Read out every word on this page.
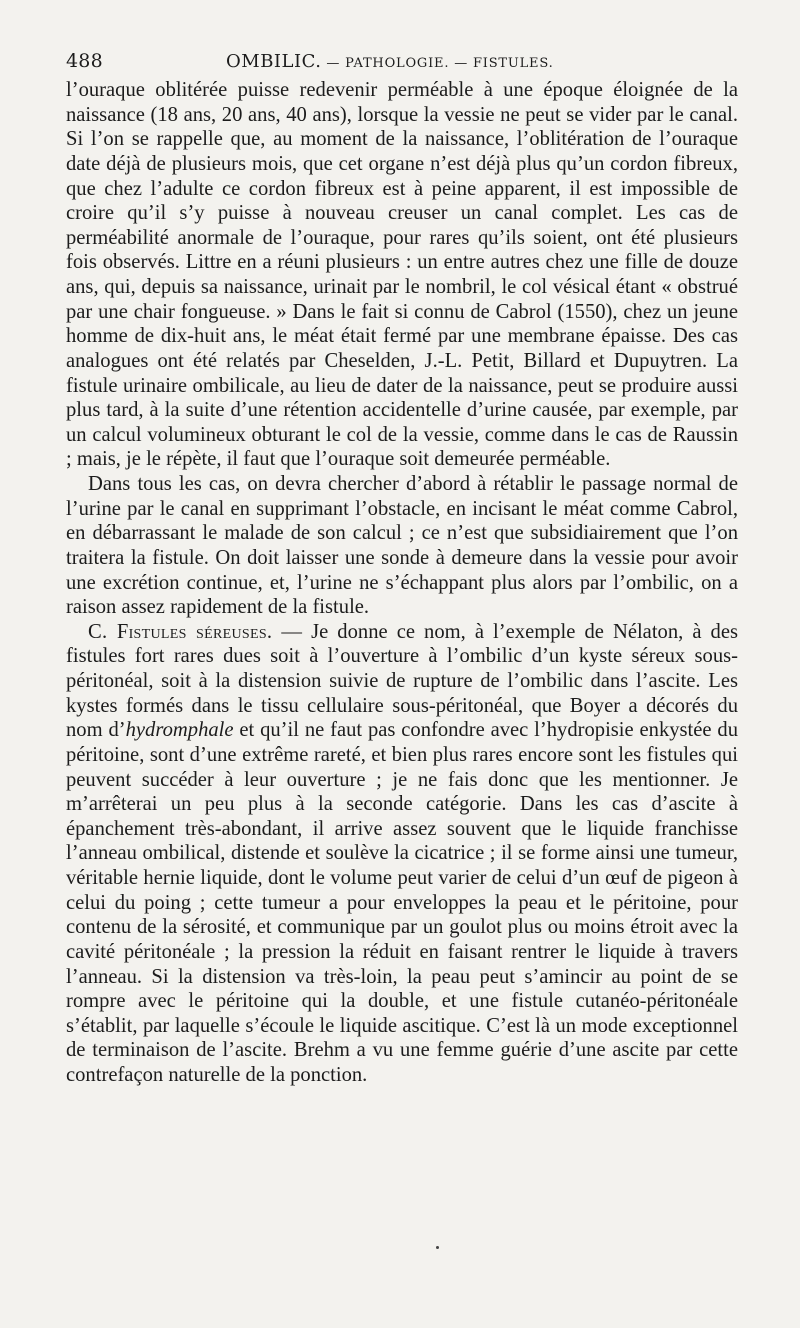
488	OMBILIC. — PATHOLOGIE. — FISTULES.

l’ouraque oblitérée puisse redevenir perméable à une époque éloignée de la naissance (18 ans, 20 ans, 40 ans), lorsque la vessie ne peut se vider par le canal. Si l’on se rappelle que, au moment de la naissance, l’oblitération de l’ouraque date déjà de plusieurs mois, que cet organe n’est déjà plus qu’un cordon fibreux, que chez l’adulte ce cordon fibreux est à peine apparent, il est impossible de croire qu’il s’y puisse à nouveau creuser un canal complet. Les cas de perméabilité anormale de l’ouraque, pour rares qu’ils soient, ont été plusieurs fois observés. Littre en a réuni plusieurs : un entre autres chez une fille de douze ans, qui, depuis sa naissance, urinait par le nombril, le col vésical étant « obstrué par une chair fongueuse. » Dans le fait si connu de Cabrol (1550), chez un jeune homme de dix-huit ans, le méat était fermé par une membrane épaisse. Des cas analogues ont été relatés par Cheselden, J.-L. Petit, Billard et Dupuytren. La fistule urinaire ombilicale, au lieu de dater de la naissance, peut se produire aussi plus tard, à la suite d’une rétention accidentelle d’urine causée, par exemple, par un calcul volumineux obturant le col de la vessie, comme dans le cas de Raussin ; mais, je le répète, il faut que l’ouraque soit demeurée perméable.

Dans tous les cas, on devra chercher d’abord à rétablir le passage normal de l’urine par le canal en supprimant l’obstacle, en incisant le méat comme Cabrol, en débarrassant le malade de son calcul ; ce n’est que subsidiairement que l’on traitera la fistule. On doit laisser une sonde à demeure dans la vessie pour avoir une excrétion continue, et, l’urine ne s’échappant plus alors par l’ombilic, on a raison assez rapidement de la fistule.

C. Fistules séreuses. — Je donne ce nom, à l’exemple de Nélaton, à des fistules fort rares dues soit à l’ouverture à l’ombilic d’un kyste séreux sous-péritonéal, soit à la distension suivie de rupture de l’ombilic dans l’ascite. Les kystes formés dans le tissu cellulaire sous-péritonéal, que Boyer a décorés du nom d’hydromphale et qu’il ne faut pas confondre avec l’hydropisie enkystée du péritoine, sont d’une extrême rareté, et bien plus rares encore sont les fistules qui peuvent succéder à leur ouverture ; je ne fais donc que les mentionner. Je m’arrêterai un peu plus à la seconde catégorie. Dans les cas d’ascite à épanchement très-abondant, il arrive assez souvent que le liquide franchisse l’anneau ombilical, distende et soulève la cicatrice ; il se forme ainsi une tumeur, véritable hernie liquide, dont le volume peut varier de celui d’un œuf de pigeon à celui du poing ; cette tumeur a pour enveloppes la peau et le péritoine, pour contenu de la sérosité, et communique par un goulot plus ou moins étroit avec la cavité péritonéale ; la pression la réduit en faisant rentrer le liquide à travers l’anneau. Si la distension va très-loin, la peau peut s’amincir au point de se rompre avec le péritoine qui la double, et une fistule cutanéo-péritonéale s’établit, par laquelle s’écoule le liquide ascitique. C’est là un mode exceptionnel de terminaison de l’ascite. Brehm a vu une femme guérie d’une ascite par cette contrefaçon naturelle de la ponction.
